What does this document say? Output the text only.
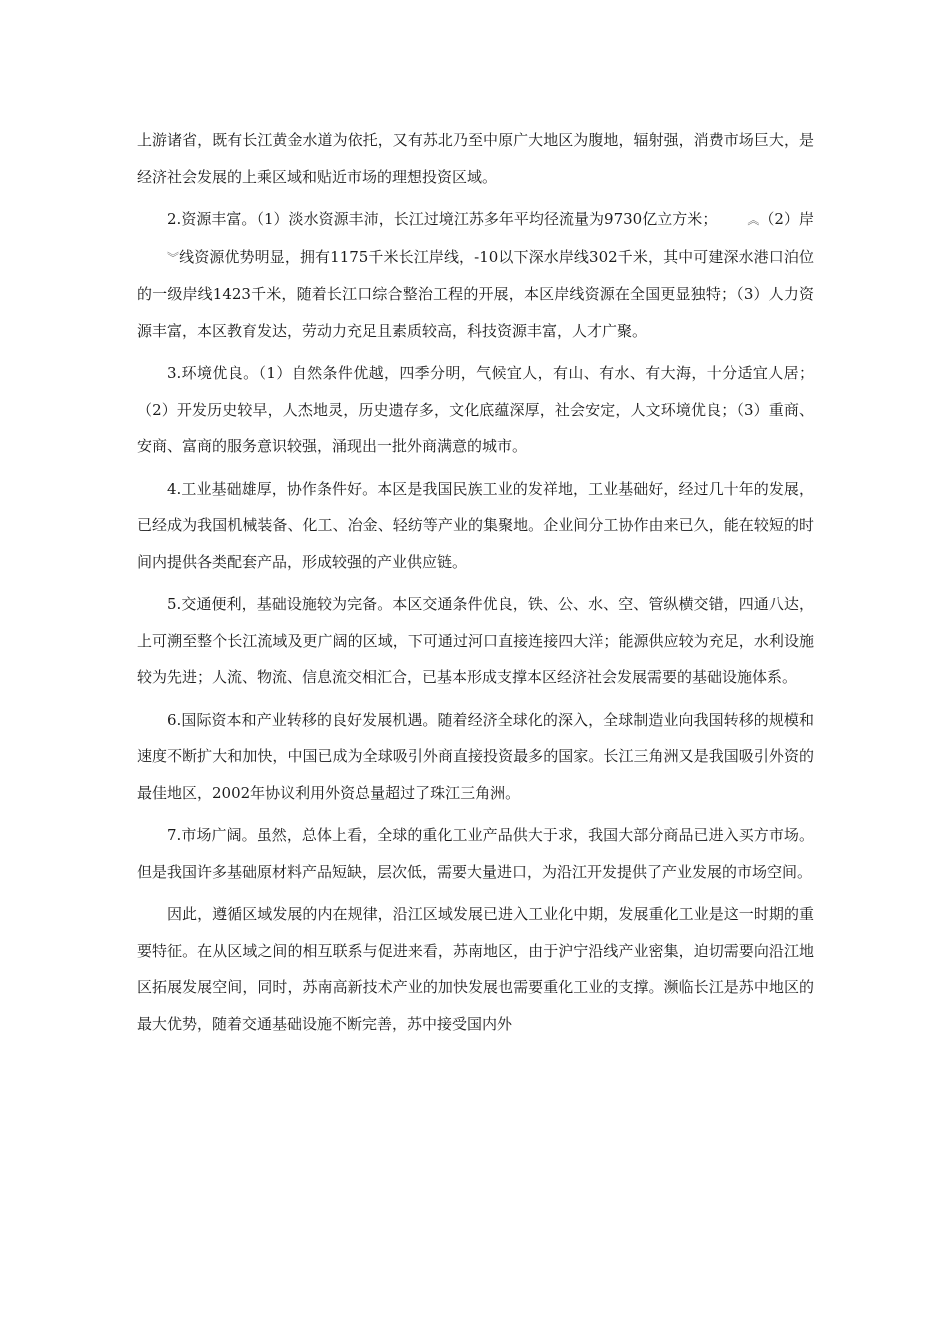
上游诸省，既有长江黄金水道为依托，又有苏北乃至中原广大地区为腹地，辐射强，消费市场巨大，是经济社会发展的上乘区域和贴近市场的理想投资区域。

2.资源丰富。（1）淡水资源丰沛，长江过境江苏多年平均径流量为9730亿立方米；	︽（2）岸︾线资源优势明显，拥有1175千米长江岸线，-10以下深水岸线302千米，其中可建深水港口泊位的一级岸线1423千米，随着长江口综合整治工程的开展，本区岸线资源在全国更显独特；（3）人力资源丰富，本区教育发达，劳动力充足且素质较高，科技资源丰富，人才广聚。

3.环境优良。（1）自然条件优越，四季分明，气候宜人，有山、有水、有大海，十分适宜人居；（2）开发历史较早，人杰地灵，历史遗存多，文化底蕴深厚，社会安定，人文环境优良；（3）重商、安商、富商的服务意识较强，涌现出一批外商满意的城市。

4.工业基础雄厚，协作条件好。本区是我国民族工业的发祥地，工业基础好，经过几十年的发展，已经成为我国机械装备、化工、冶金、轻纺等产业的集聚地。企业间分工协作由来已久，能在较短的时间内提供各类配套产品，形成较强的产业供应链。

5.交通便利，基础设施较为完备。本区交通条件优良，铁、公、水、空、管纵横交错，四通八达，上可溯至整个长江流域及更广阔的区域，下可通过河口直接连接四大洋；能源供应较为充足，水利设施较为先进；人流、物流、信息流交相汇合，已基本形成支撑本区经济社会发展需要的基础设施体系。

6.国际资本和产业转移的良好发展机遇。随着经济全球化的深入，全球制造业向我国转移的规模和速度不断扩大和加快，中国已成为全球吸引外商直接投资最多的国家。长江三角洲又是我国吸引外资的最佳地区，2002年协议利用外资总量超过了珠江三角洲。

7.市场广阔。虽然，总体上看，全球的重化工业产品供大于求，我国大部分商品已进入买方市场。但是我国许多基础原材料产品短缺，层次低，需要大量进口，为沿江开发提供了产业发展的市场空间。

因此，遵循区域发展的内在规律，沿江区域发展已进入工业化中期，发展重化工业是这一时期的重要特征。在从区域之间的相互联系与促进来看，苏南地区，由于沪宁沿线产业密集，迫切需要向沿江地区拓展发展空间，同时，苏南高新技术产业的加快发展也需要重化工业的支撑。濒临长江是苏中地区的最大优势，随着交通基础设施不断完善，苏中接受国内外
